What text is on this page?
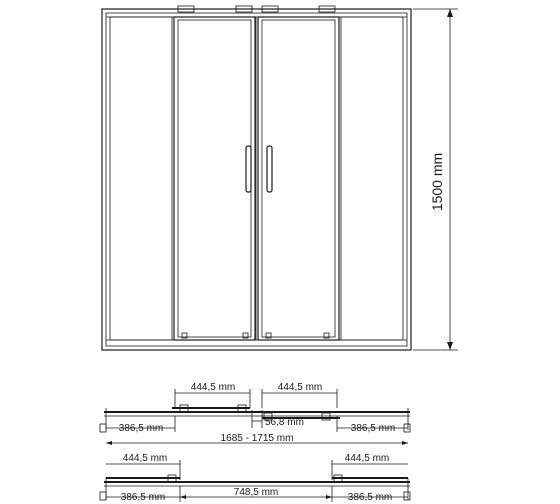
1500 mm
444,5 mm	444,5 mm
56,8 mm
386,5 mm	386,5 mm
1685 - 1715 mm
444,5 mm	444,5 mm
386,5 mm	748,5 mm	386,5 mm
